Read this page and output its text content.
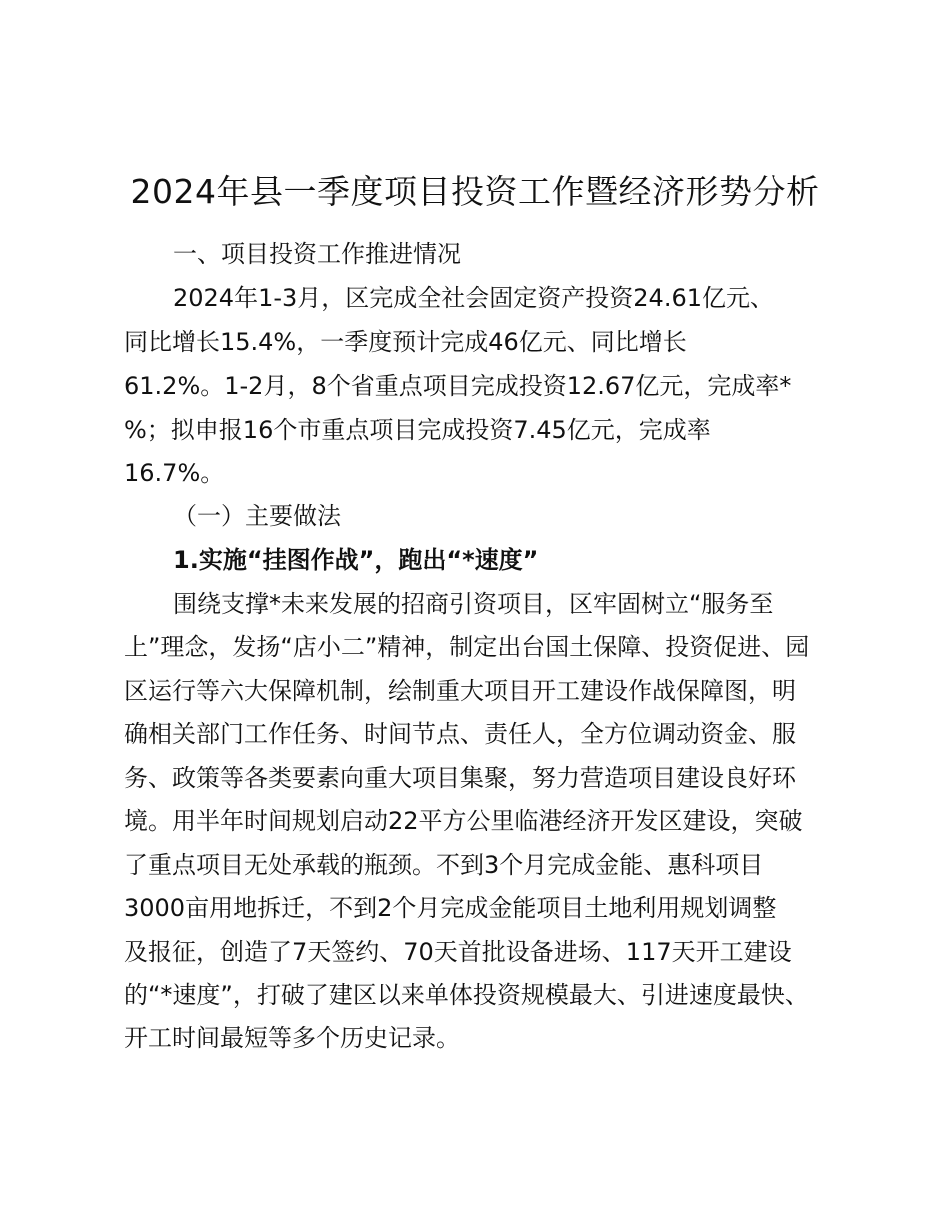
2024年县一季度项目投资工作暨经济形势分析

一、项目投资工作推进情况

2024年1-3月，区完成全社会固定资产投资24.61亿元、

同比增长15.4%，一季度预计完成46亿元、同比增长

61.2%。1-2月，8个省重点项目完成投资12.67亿元，完成率*

%；拟申报16个市重点项目完成投资7.45亿元，完成率

16.7%。

（一）主要做法

1.实施“挂图作战”，跑出“*速度”

围绕支撑*未来发展的招商引资项目，区牢固树立“服务至

上”理念，发扬“店小二”精神，制定出台国土保障、投资促进、园

区运行等六大保障机制，绘制重大项目开工建设作战保障图，明

确相关部门工作任务、时间节点、责任人，全方位调动资金、服

务、政策等各类要素向重大项目集聚，努力营造项目建设良好环

境。用半年时间规划启动22平方公里临港经济开发区建设，突破

了重点项目无处承载的瓶颈。不到3个月完成金能、惠科项目

3000亩用地拆迁，不到2个月完成金能项目土地利用规划调整

及报征，创造了7天签约、70天首批设备进场、117天开工建设

的“*速度”，打破了建区以来单体投资规模最大、引进速度最快、

开工时间最短等多个历史记录。
